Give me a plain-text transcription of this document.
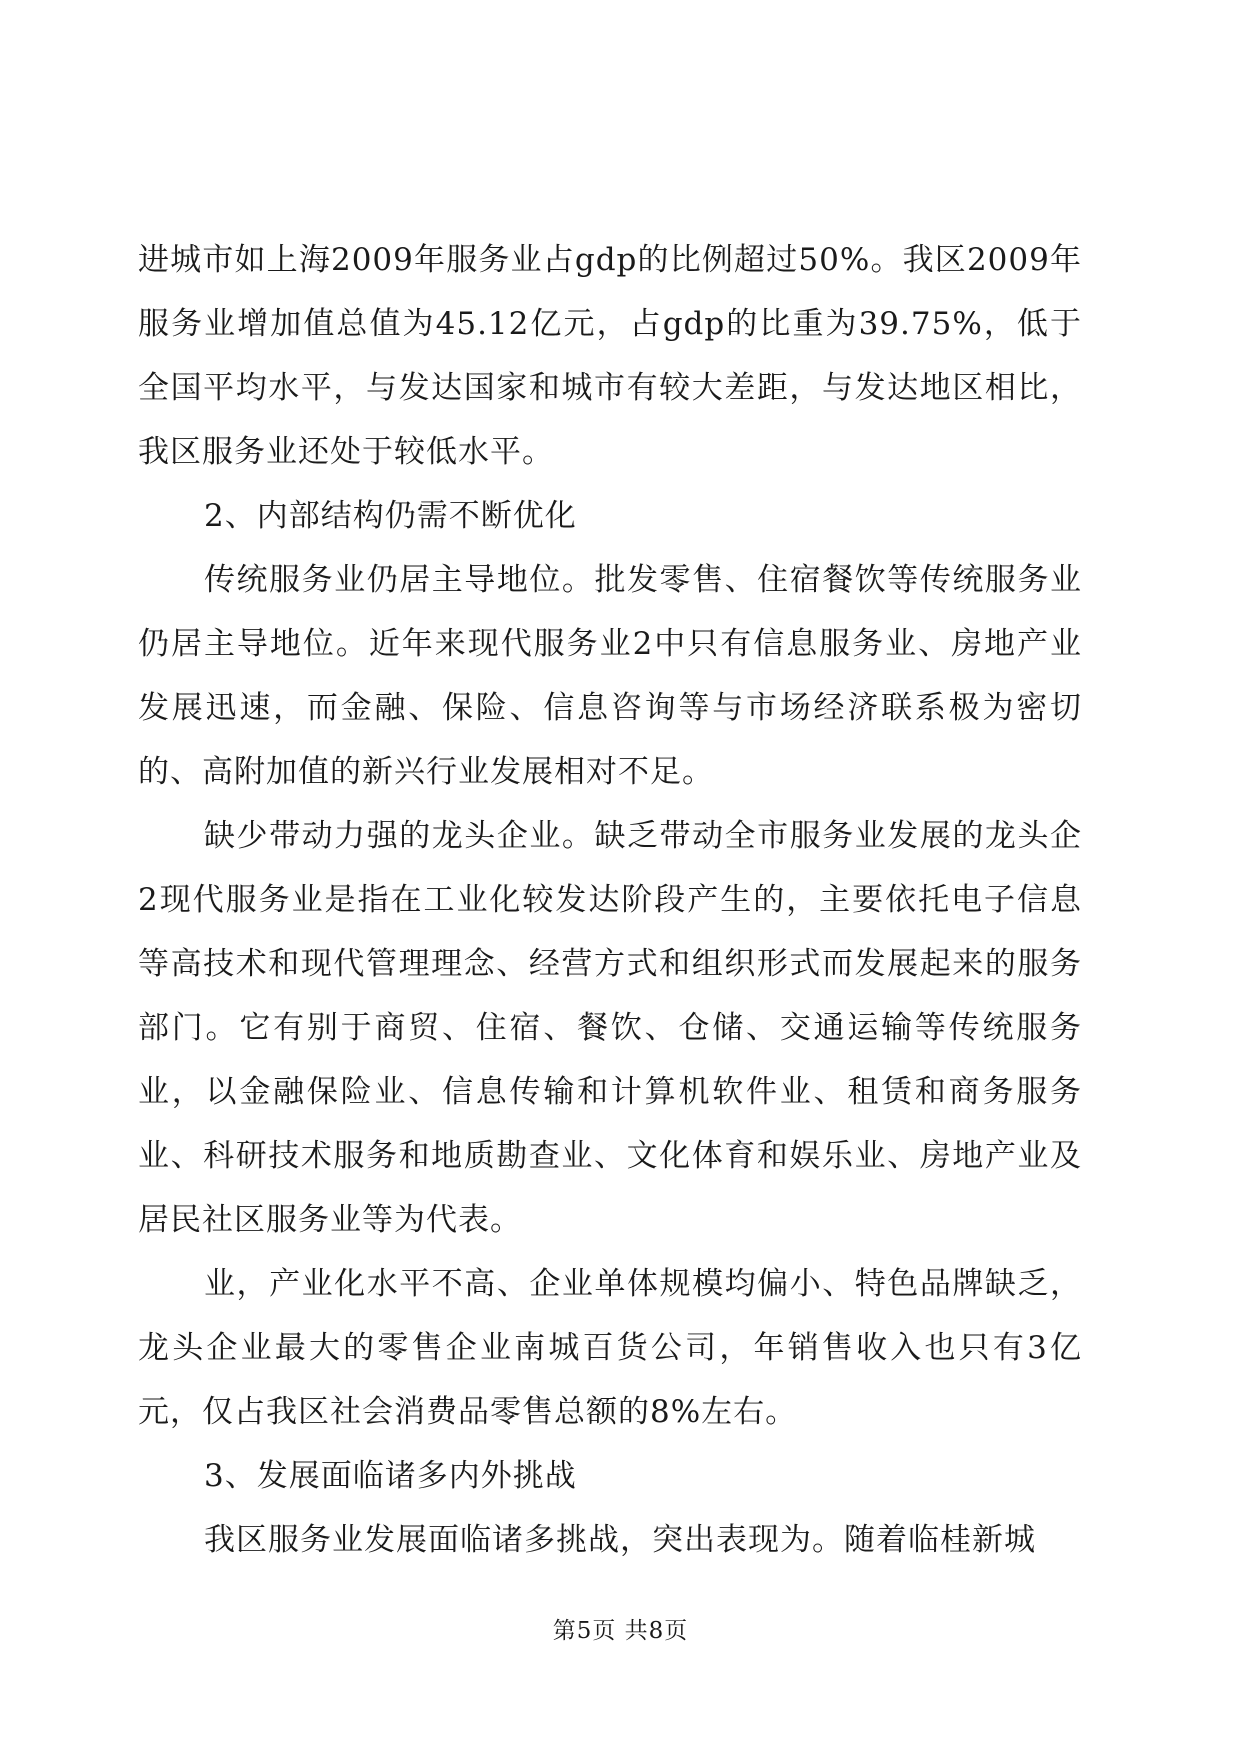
进城市如上海2009年服务业占gdp的比例超过50%。我区2009年服务业增加值总值为45.12亿元，占gdp的比重为39.75%，低于全国平均水平，与发达国家和城市有较大差距，与发达地区相比，我区服务业还处于较低水平。

2、内部结构仍需不断优化

传统服务业仍居主导地位。批发零售、住宿餐饮等传统服务业仍居主导地位。近年来现代服务业2中只有信息服务业、房地产业发展迅速，而金融、保险、信息咨询等与市场经济联系极为密切的、高附加值的新兴行业发展相对不足。

缺少带动力强的龙头企业。缺乏带动全市服务业发展的龙头企2现代服务业是指在工业化较发达阶段产生的，主要依托电子信息等高技术和现代管理理念、经营方式和组织形式而发展起来的服务部门。它有别于商贸、住宿、餐饮、仓储、交通运输等传统服务业，以金融保险业、信息传输和计算机软件业、租赁和商务服务业、科研技术服务和地质勘查业、文化体育和娱乐业、房地产业及居民社区服务业等为代表。

业，产业化水平不高、企业单体规模均偏小、特色品牌缺乏，龙头企业最大的零售企业南城百货公司，年销售收入也只有3亿元，仅占我区社会消费品零售总额的8%左右。

3、发展面临诸多内外挑战

我区服务业发展面临诸多挑战，突出表现为。随着临桂新城

第5页 共8页
